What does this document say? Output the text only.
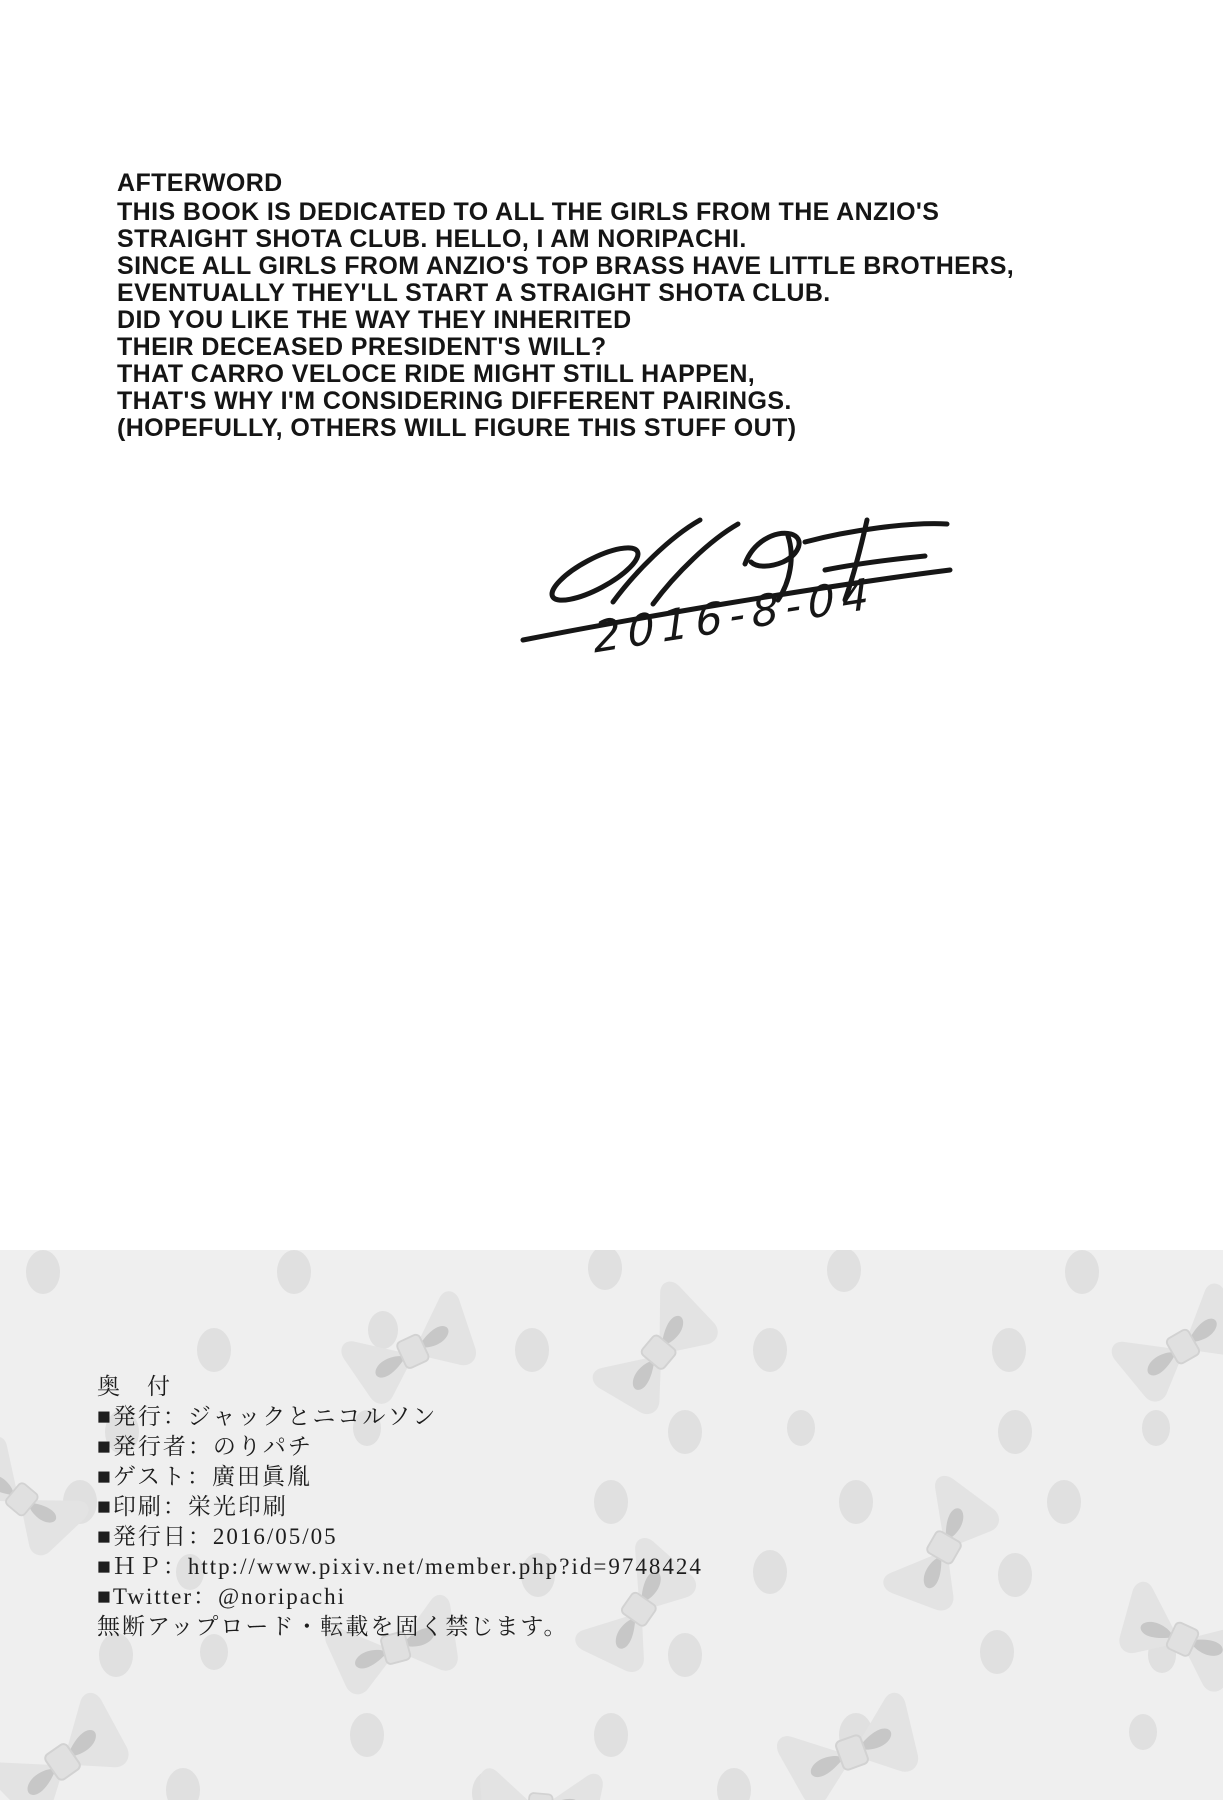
AFTERWORD
THIS BOOK IS DEDICATED TO ALL THE GIRLS FROM THE ANZIO'S
STRAIGHT SHOTA CLUB. HELLO, I AM NORIPACHI.
SINCE ALL GIRLS FROM ANZIO'S TOP BRASS HAVE LITTLE BROTHERS,
EVENTUALLY THEY'LL START A STRAIGHT SHOTA CLUB.
DID YOU LIKE THE WAY THEY INHERITED
THEIR DECEASED PRESIDENT'S WILL?
THAT CARRO VELOCE RIDE MIGHT STILL HAPPEN,
THAT'S WHY I'M CONSIDERING DIFFERENT PAIRINGS.
(HOPEFULLY, OTHERS WILL FIGURE THIS STUFF OUT)
2016-8-04
奥　付
■発行：ジャックとニコルソン
■発行者：のりパチ
■ゲスト：廣田眞胤
■印刷：栄光印刷
■発行日：2016/05/05
■ＨＰ：http://www.pixiv.net/member.php?id=9748424
■Twitter：@noripachi
無断アップロード・転載を固く禁じます。
